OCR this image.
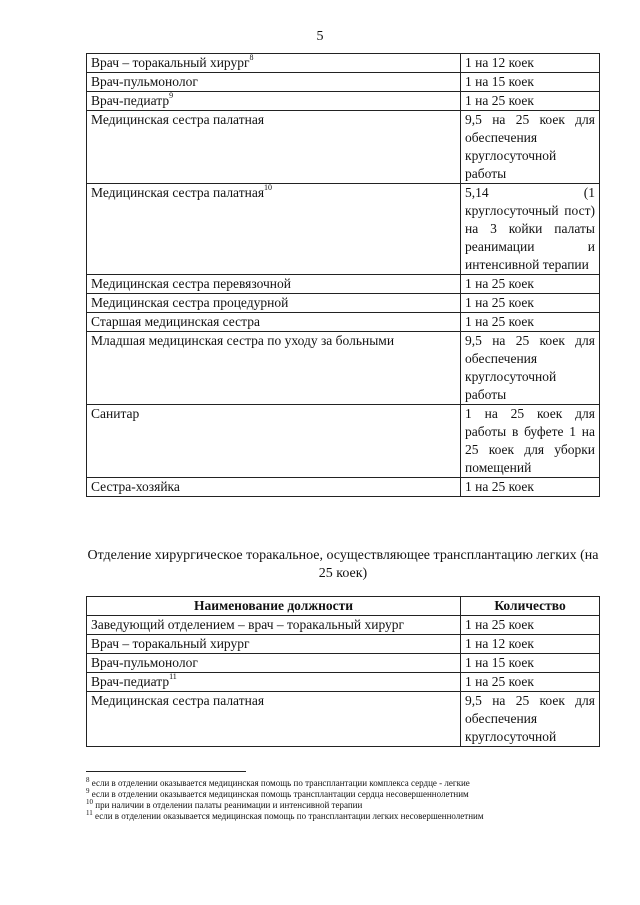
5
Врач – торакальный хирург$^8$	1 на 12 коек
Врач-пульмонолог	1 на 15 коек
Врач-педиатр$^9$	1 на 25 коек
Медицинская сестра палатная	9,5 на 25 коек для обеспечения круглосуточной работы
Медицинская сестра палатная$^{10}$	5,14 (1 круглосуточный пост) на 3 койки палаты реанимации и интенсивной терапии
Медицинская сестра перевязочной	1 на 25 коек
Медицинская сестра процедурной	1 на 25 коек
Старшая медицинская сестра	1 на 25 коек
Младшая медицинская сестра по уходу за больными	9,5 на 25 коек для обеспечения круглосуточной работы
Санитар	1 на 25 коек для работы в буфете 1 на 25 коек для уборки помещений
Сестра-хозяйка	1 на 25 коек
Отделение хирургическое торакальное, осуществляющее трансплантацию легких (на 25 коек)
Наименование должности	Количество
Заведующий отделением – врач – торакальный хирург	1 на 25 коек
Врач – торакальный хирург	1 на 12 коек
Врач-пульмонолог	1 на 15 коек
Врач-педиатр$^{11}$	1 на 25 коек
Медицинская сестра палатная	9,5 на 25 коек для обеспечения круглосуточной
$^8$ если в отделении оказывается медицинская помощь по трансплантации комплекса сердце - легкие
$^9$ если в отделении оказывается медицинская помощь трансплантации сердца несовершеннолетним
$^{10}$ при наличии в отделении палаты реанимации и интенсивной терапии
$^{11}$ если в отделении оказывается медицинская помощь по трансплантации легких несовершеннолетним
